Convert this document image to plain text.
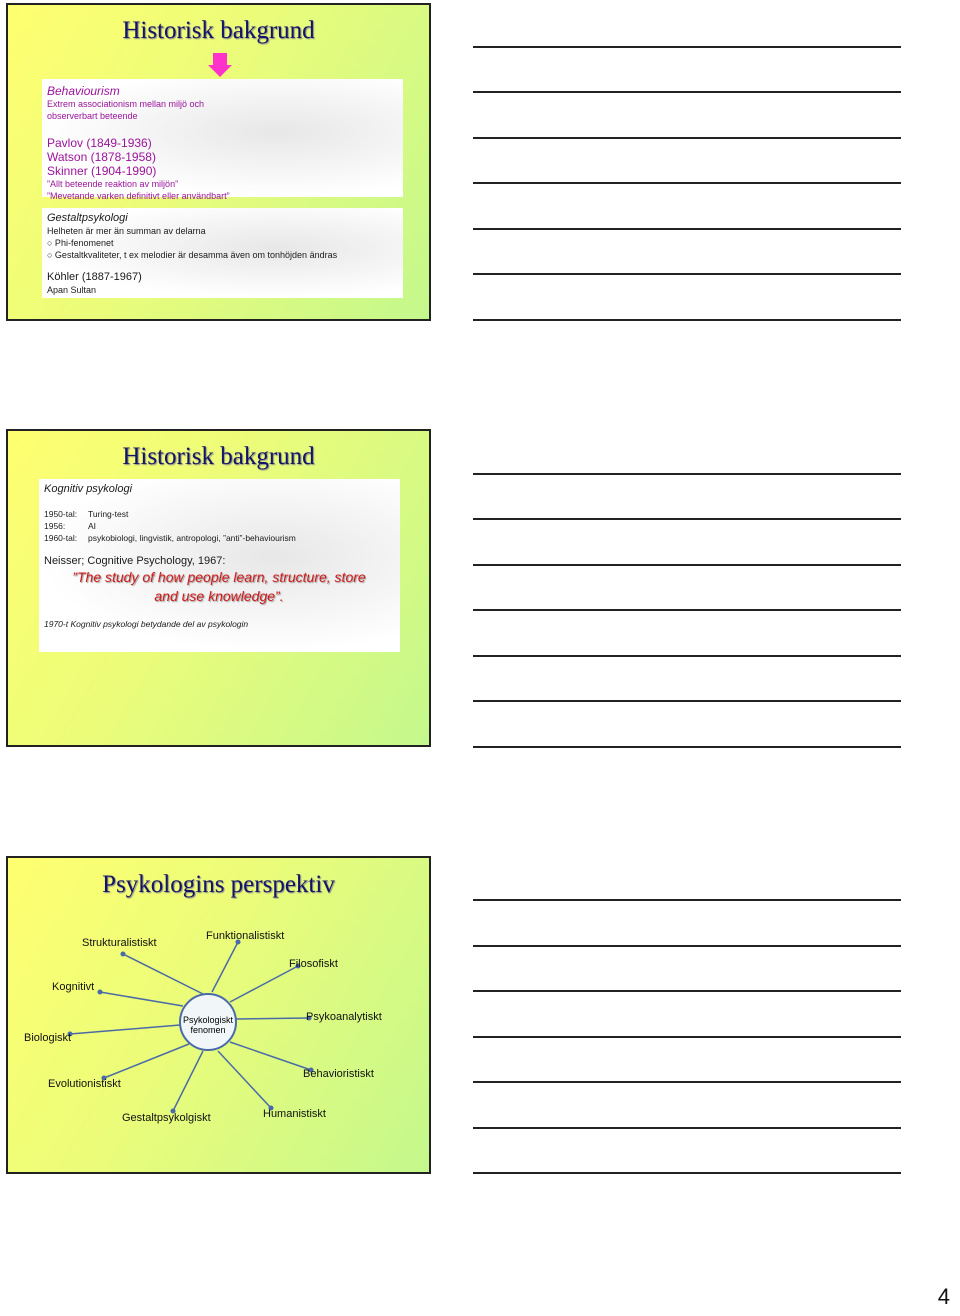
Historisk bakgrund
Behaviourism
Extrem associationism mellan miljö och
observerbart beteende
Pavlov (1849-1936)
Watson (1878-1958)
Skinner (1904-1990)
”Allt beteende reaktion av miljön”
”Mevetande varken definitivt eller användbart”
Gestaltpsykologi
Helheten är mer än summan av delarna
○ Phi-fenomenet
○ Gestaltkvaliteter, t ex melodier är desamma även om tonhöjden ändras
Köhler (1887-1967)
Apan Sultan
Historisk bakgrund
Kognitiv psykologi
1950-tal: Turing-test
1956:	AI
1960-tal: psykobiologi, lingvistik, antropologi, ”anti”-behaviourism
Neisser; Cognitive Psychology, 1967:
”The study of how people learn, structure, store
and use knowledge”.
1970-t Kognitiv psykologi betydande del av psykologin
Psykologins perspektiv
Psykologiskt
fenomen
Strukturalistiskt
Funktionalistiskt
Filosofiskt
Kognitivt
Biologiskt
Psykoanalytiskt
Evolutionistiskt
Behavioristiskt
Gestaltpsykolgiskt	Humanistiskt
4
